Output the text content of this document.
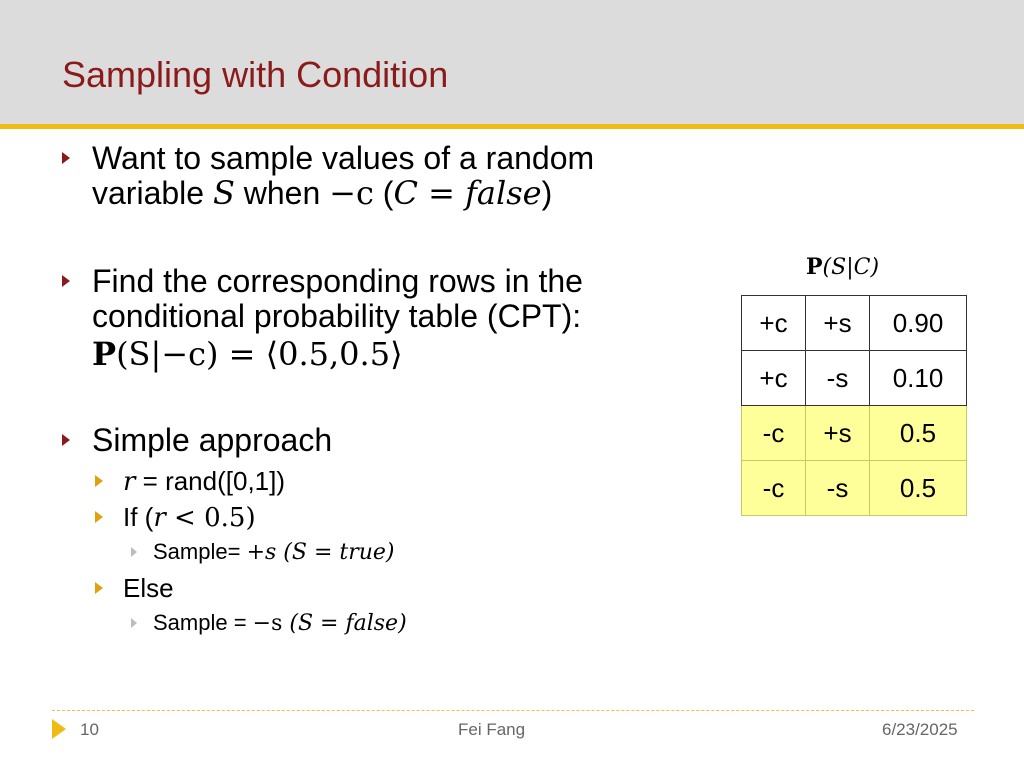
Sampling with Condition
Want to sample values of a random
variable S when −c (C = false)
Find the corresponding rows in the
conditional probability table (CPT):
P(S|−c) = ⟨0.5,0.5⟩
Simple approach
r = rand([0,1])
If (r < 0.5)
Sample= +s (S = true)
Else
Sample = −s (S = false)
P(S|C)
+c	+s	0.90
+c	-s	0.10
-c	+s	0.5
-c	-s	0.5
10	Fei Fang	6/23/2025
